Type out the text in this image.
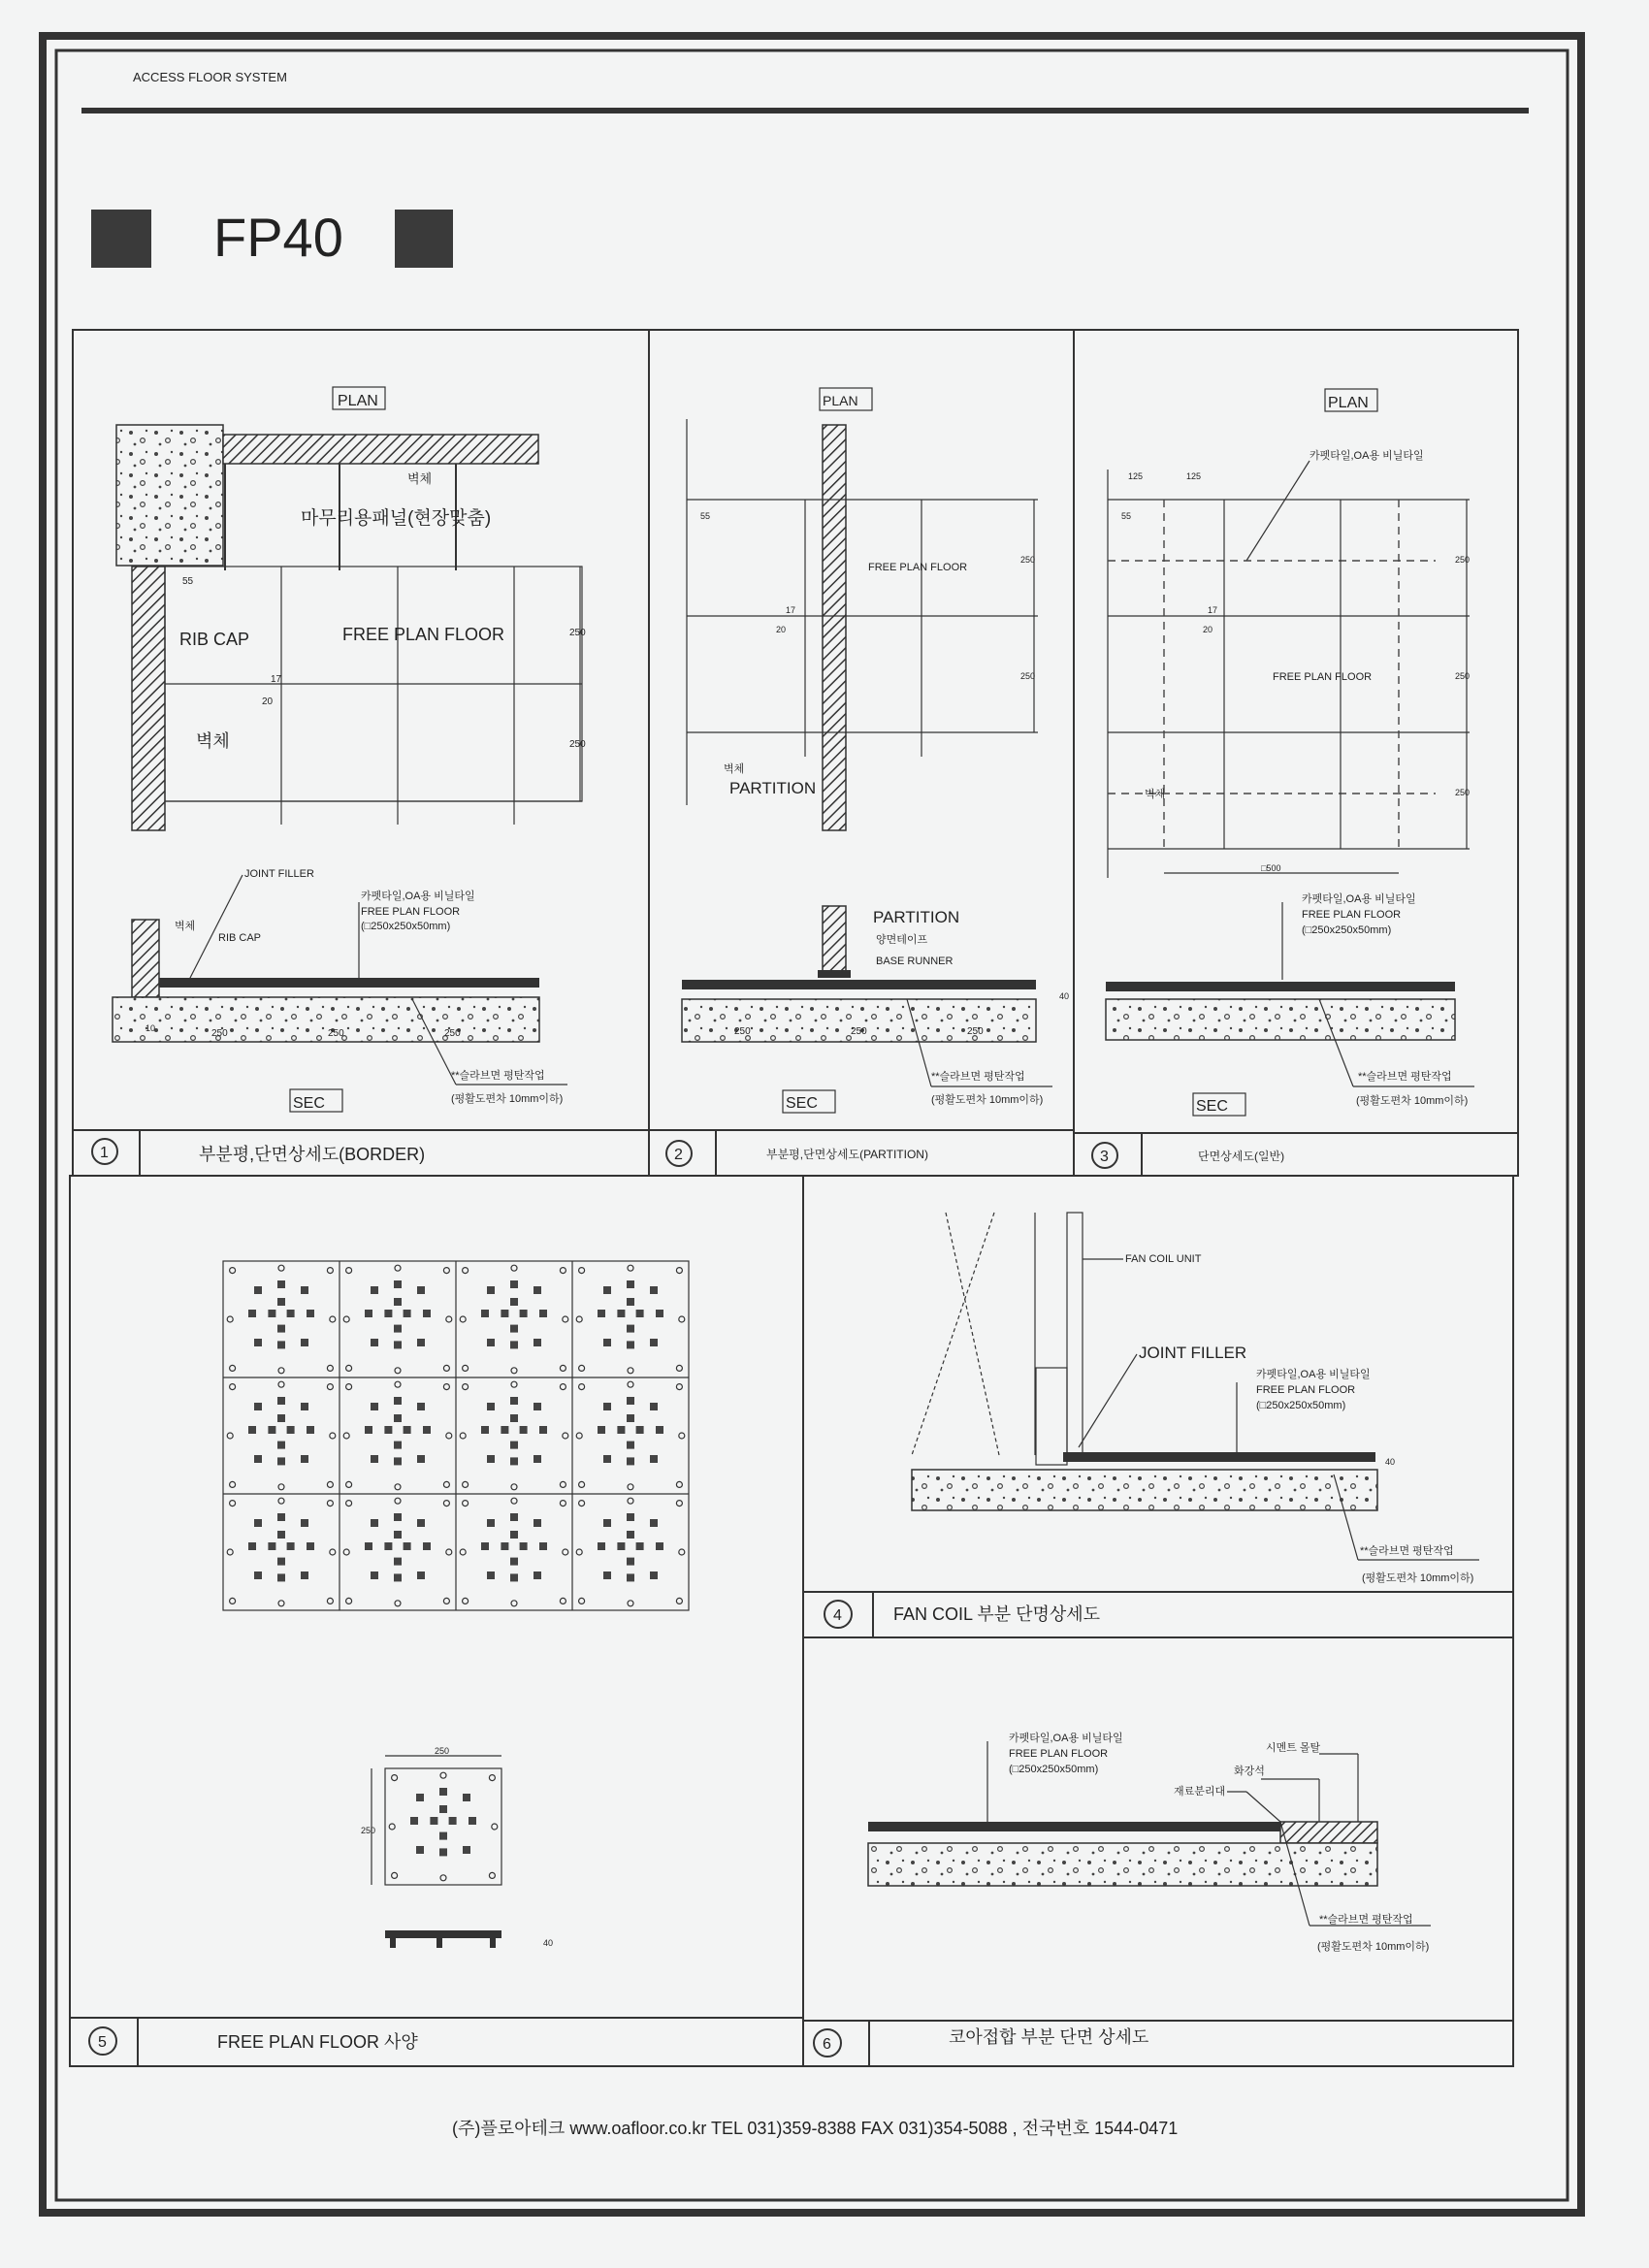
ACCESS FLOOR SYSTEM
FP40
PLAN
벽체
마무리용패널(현장맞춤)
55
RIB CAP	FREE PLAN FLOOR
17
20
벽체
250
250
JOINT FILLER
카펫타일,OA용 비닐타일
FREE PLAN FLOOR
(□250x250x50mm)
벽체
RIB CAP
10	250	250	250
**슬라브면 평탄작업
(평활도편차 10mm이하)
SEC
1	부분평,단면상세도(BORDER)
PLAN
55
FREE PLAN FLOOR
17
20
250
250
벽체
PARTITION
PARTITION
양면테이프
BASE RUNNER
40
250	250	250
**슬라브면 평탄작업
(평활도편차 10mm이하)
SEC
2	부분평,단면상세도(PARTITION)
PLAN
카펫타일,OA용 비닐타일
125	125
55
17
20
FREE PLAN FLOOR
250
250
250
벽체
□500
카펫타일,OA용 비닐타일
FREE PLAN FLOOR
(□250x250x50mm)
**슬라브면 평탄작업
(평활도편차 10mm이하)
SEC
3	단면상세도(일반)
250
250
40
5	FREE PLAN FLOOR 사양
FAN COIL UNIT
JOINT FILLER
카펫타일,OA용 비닐타일
FREE PLAN FLOOR
(□250x250x50mm)
40
**슬라브면 평탄작업
(평활도편차 10mm이하)
4	FAN COIL 부분 단명상세도
카펫타일,OA용 비닐타일
FREE PLAN FLOOR
(□250x250x50mm)
시멘트 몰탈
화강석
재료분리대
**슬라브면 평탄작업
(평활도편차 10mm이하)
6	코아접합 부분 단면 상세도
(주)플로아테크 www.oafloor.co.kr TEL 031)359-8388 FAX 031)354-5088 , 전국번호 1544-0471
